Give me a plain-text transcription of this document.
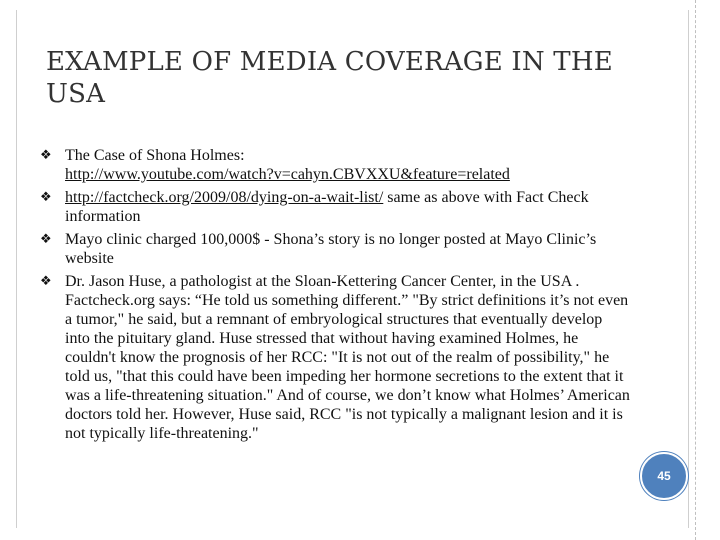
EXAMPLE OF MEDIA COVERAGE IN THE USA
❖ The Case of Shona Holmes:
http://www.youtube.com/watch?v=cahyn.CBVXXU&feature=related
❖ http://factcheck.org/2009/08/dying-on-a-wait-list/ same as above with Fact Check information
❖ Mayo clinic charged 100,000$ - Shona’s story is no longer posted at Mayo Clinic’s website
❖ Dr. Jason Huse, a pathologist at the Sloan-Kettering Cancer Center, in the USA . Factcheck.org says: “He told us something different.” "By strict definitions it’s not even a tumor," he said, but a remnant of embryological structures that eventually develop into the pituitary gland. Huse stressed that without having examined Holmes, he couldn't know the prognosis of her RCC: "It is not out of the realm of possibility," he told us, "that this could have been impeding her hormone secretions to the extent that it was a life-threatening situation." And of course, we don’t know what Holmes’ American doctors told her. However, Huse said, RCC "is not typically a malignant lesion and it is not typically life-threatening."
45
